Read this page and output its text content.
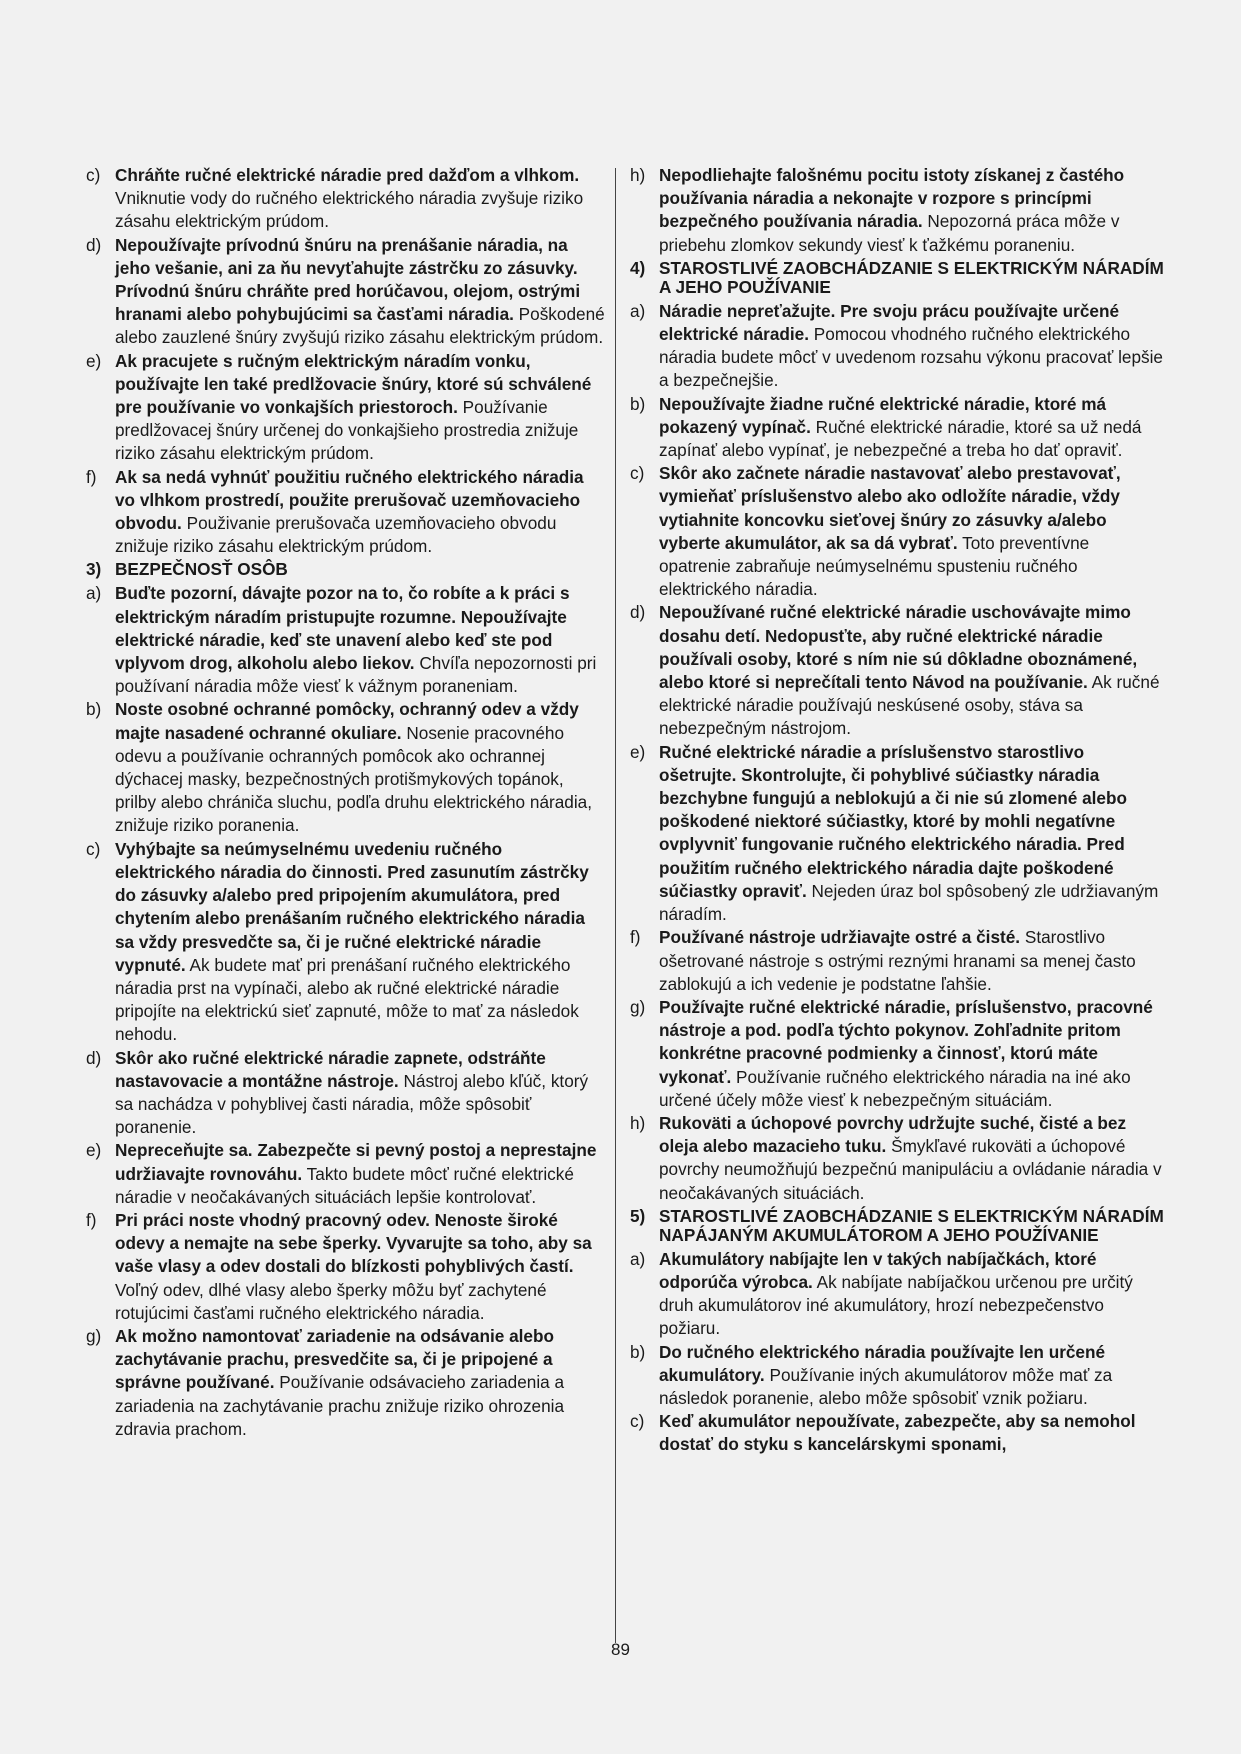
c) Chráňte ručné elektrické náradie pred dažďom a vlhkom. Vniknutie vody do ručného elektrického náradia zvyšuje riziko zásahu elektrickým prúdom.
d) Nepoužívajte prívodnú šnúru na prenášanie náradia, na jeho vešanie, ani za ňu nevyťahujte zástrčku zo zásuvky. Prívodnú šnúru chráňte pred horúčavou, olejom, ostrými hranami alebo pohybujúcimi sa časťami náradia. Poškodené alebo zauzlené šnúry zvyšujú riziko zásahu elektrickým prúdom.
e) Ak pracujete s ručným elektrickým náradím vonku, používajte len také predlžovacie šnúry, ktoré sú schválené pre používanie vo vonkajších priestoroch. Používanie predlžovacej šnúry určenej do vonkajšieho prostredia znižuje riziko zásahu elektrickým prúdom.
f) Ak sa nedá vyhnúť použitiu ručného elektrického náradia vo vlhkom prostredí, použite prerušovač uzemňovacieho obvodu. Použivanie prerušovača uzemňovacieho obvodu znižuje riziko zásahu elektrickým prúdom.
3) BEZPEČNOSŤ OSÔB
a) Buďte pozorní, dávajte pozor na to, čo robíte a k práci s elektrickým náradím pristupujte rozumne. Nepoužívajte elektrické náradie, keď ste unavení alebo keď ste pod vplyvom drog, alkoholu alebo liekov. Chvíľa nepozornosti pri používaní náradia môže viesť k vážnym poraneniam.
b) Noste osobné ochranné pomôcky, ochranný odev a vždy majte nasadené ochranné okuliare. Nosenie pracovného odevu a používanie ochranných pomôcok ako ochrannej dýchacej masky, bezpečnostných protišmykových topánok, prilby alebo chrániča sluchu, podľa druhu elektrického náradia, znižuje riziko poranenia.
c) Vyhýbajte sa neúmyselnému uvedeniu ručného elektrického náradia do činnosti. Pred zasunutím zástrčky do zásuvky a/alebo pred pripojením akumulátora, pred chytením alebo prenášaním ručného elektrického náradia sa vždy presvedčte sa, či je ručné elektrické náradie vypnuté. Ak budete mať pri prenášaní ručného elektrického náradia prst na vypínači, alebo ak ručné elektrické náradie pripojíte na elektrickú sieť zapnuté, môže to mať za následok nehodu.
d) Skôr ako ručné elektrické náradie zapnete, odstráňte nastavovacie a montážne nástroje. Nástroj alebo kľúč, ktorý sa nachádza v pohyblivej časti náradia, môže spôsobiť poranenie.
e) Nepreceňujte sa. Zabezpečte si pevný postoj a neprestajne udržiavajte rovnováhu. Takto budete môcť ručné elektrické náradie v neočakávaných situáciách lepšie kontrolovať.
f) Pri práci noste vhodný pracovný odev. Nenoste široké odevy a nemajte na sebe šperky. Vyvarujte sa toho, aby sa vaše vlasy a odev dostali do blízkosti pohyblivých častí. Voľný odev, dlhé vlasy alebo šperky môžu byť zachytené rotujúcimi časťami ručného elektrického náradia.
g) Ak možno namontovať zariadenie na odsávanie alebo zachytávanie prachu, presvedčite sa, či je pripojené a správne používané. Používanie odsávacieho zariadenia a zariadenia na zachytávanie prachu znižuje riziko ohrozenia zdravia prachom.
h) Nepodliehajte falošnému pocitu istoty získanej z častého používania náradia a nekonajte v rozpore s princípmi bezpečného používania náradia. Nepozorná práca môže v priebehu zlomkov sekundy viesť k ťažkému poraneniu.
4) STAROSTLIVÉ ZAOBCHÁDZANIE S ELEKTRICKÝM NÁRADÍM A JEHO POUŽÍVANIE
a) Náradie nepreťažujte. Pre svoju prácu používajte určené elektrické náradie. Pomocou vhodného ručného elektrického náradia budete môcť v uvedenom rozsahu výkonu pracovať lepšie a bezpečnejšie.
b) Nepoužívajte žiadne ručné elektrické náradie, ktoré má pokazený vypínač. Ručné elektrické náradie, ktoré sa už nedá zapínať alebo vypínať, je nebezpečné a treba ho dať opraviť.
c) Skôr ako začnete náradie nastavovať alebo prestavovať, vymieňať príslušenstvo alebo ako odložíte náradie, vždy vytiahnite koncovku sieťovej šnúry zo zásuvky a/alebo vyberte akumulátor, ak sa dá vybrať. Toto preventívne opatrenie zabraňuje neúmyselnému spusteniu ručného elektrického náradia.
d) Nepoužívané ručné elektrické náradie uschovávajte mimo dosahu detí. Nedopusťte, aby ručné elektrické náradie používali osoby, ktoré s ním nie sú dôkladne oboznámené, alebo ktoré si neprečítali tento Návod na používanie. Ak ručné elektrické náradie používajú neskúsené osoby, stáva sa nebezpečným nástrojom.
e) Ručné elektrické náradie a príslušenstvo starostlivo ošetrujte. Skontrolujte, či pohyblivé súčiastky náradia bezchybne fungujú a neblokujú a či nie sú zlomené alebo poškodené niektoré súčiastky, ktoré by mohli negatívne ovplyvniť fungovanie ručného elektrického náradia. Pred použitím ručného elektrického náradia dajte poškodené súčiastky opraviť. Nejeden úraz bol spôsobený zle udržiavaným náradím.
f) Používané nástroje udržiavajte ostré a čisté. Starostlivo ošetrované nástroje s ostrými reznými hranami sa menej často zablokujú a ich vedenie je podstatne ľahšie.
g) Používajte ručné elektrické náradie, príslušenstvo, pracovné nástroje a pod. podľa týchto pokynov. Zohľadnite pritom konkrétne pracovné podmienky a činnosť, ktorú máte vykonať. Používanie ručného elektrického náradia na iné ako určené účely môže viesť k nebezpečným situáciám.
h) Rukoväti a úchopové povrchy udržujte suché, čisté a bez oleja alebo mazacieho tuku. Šmykľavé rukoväti a úchopové povrchy neumožňujú bezpečnú manipuláciu a ovládanie náradia v neočakávaných situáciách.
5) STAROSTLIVÉ ZAOBCHÁDZANIE S ELEKTRICKÝM NÁRADÍM NAPÁJANÝM AKUMULÁTOROM A JEHO POUŽÍVANIE
a) Akumulátory nabíjajte len v takých nabíjačkách, ktoré odporúča výrobca. Ak nabíjate nabíjačkou určenou pre určitý druh akumulátorov iné akumulátory, hrozí nebezpečenstvo požiaru.
b) Do ručného elektrického náradia používajte len určené akumulátory. Používanie iných akumulátorov môže mať za následok poranenie, alebo môže spôsobiť vznik požiaru.
c) Keď akumulátor nepoužívate, zabezpečte, aby sa nemohol dostať do styku s kancelárskymi sponami,
89
